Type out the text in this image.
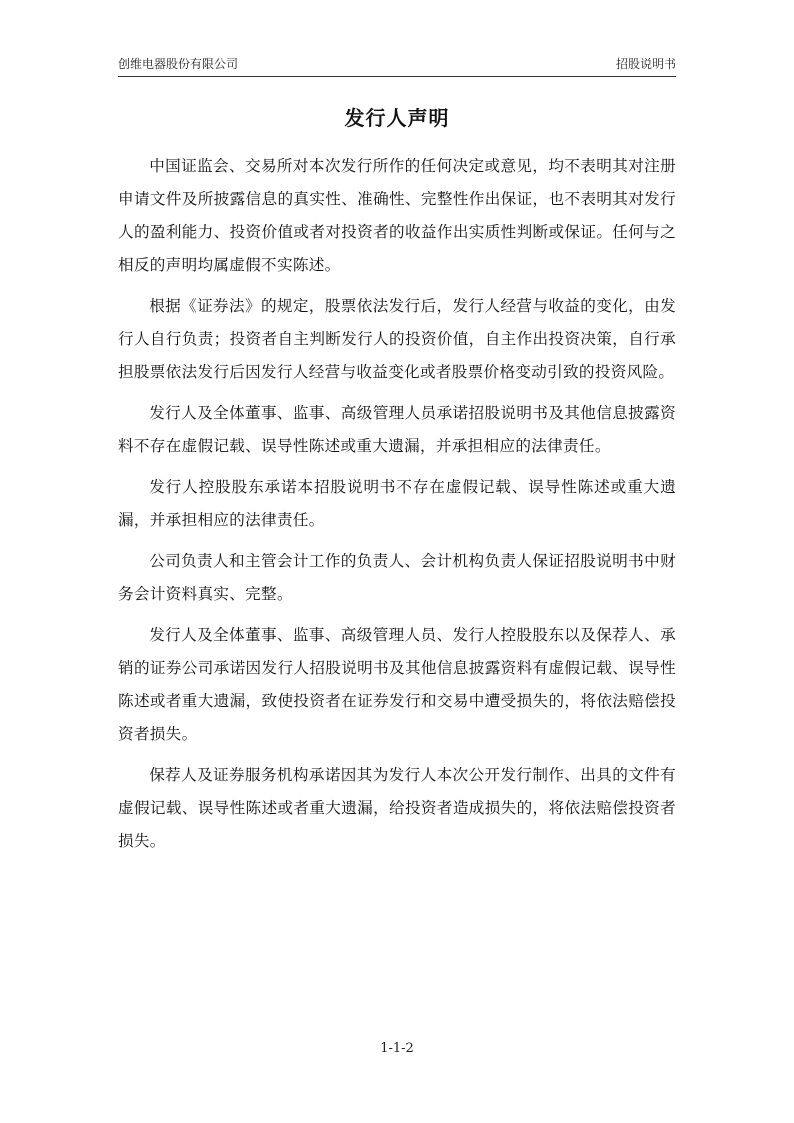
创维电器股份有限公司	招股说明书
发行人声明

中国证监会、交易所对本次发行所作的任何决定或意见，均不表明其对注册申请文件及所披露信息的真实性、准确性、完整性作出保证，也不表明其对发行人的盈利能力、投资价值或者对投资者的收益作出实质性判断或保证。任何与之相反的声明均属虚假不实陈述。

根据《证券法》的规定，股票依法发行后，发行人经营与收益的变化，由发行人自行负责；投资者自主判断发行人的投资价值，自主作出投资决策，自行承担股票依法发行后因发行人经营与收益变化或者股票价格变动引致的投资风险。

发行人及全体董事、监事、高级管理人员承诺招股说明书及其他信息披露资料不存在虚假记载、误导性陈述或重大遗漏，并承担相应的法律责任。

发行人控股股东承诺本招股说明书不存在虚假记载、误导性陈述或重大遗漏，并承担相应的法律责任。

公司负责人和主管会计工作的负责人、会计机构负责人保证招股说明书中财务会计资料真实、完整。

发行人及全体董事、监事、高级管理人员、发行人控股股东以及保荐人、承销的证券公司承诺因发行人招股说明书及其他信息披露资料有虚假记载、误导性陈述或者重大遗漏，致使投资者在证券发行和交易中遭受损失的，将依法赔偿投资者损失。

保荐人及证券服务机构承诺因其为发行人本次公开发行制作、出具的文件有虚假记载、误导性陈述或者重大遗漏，给投资者造成损失的，将依法赔偿投资者损失。

1-1-2
